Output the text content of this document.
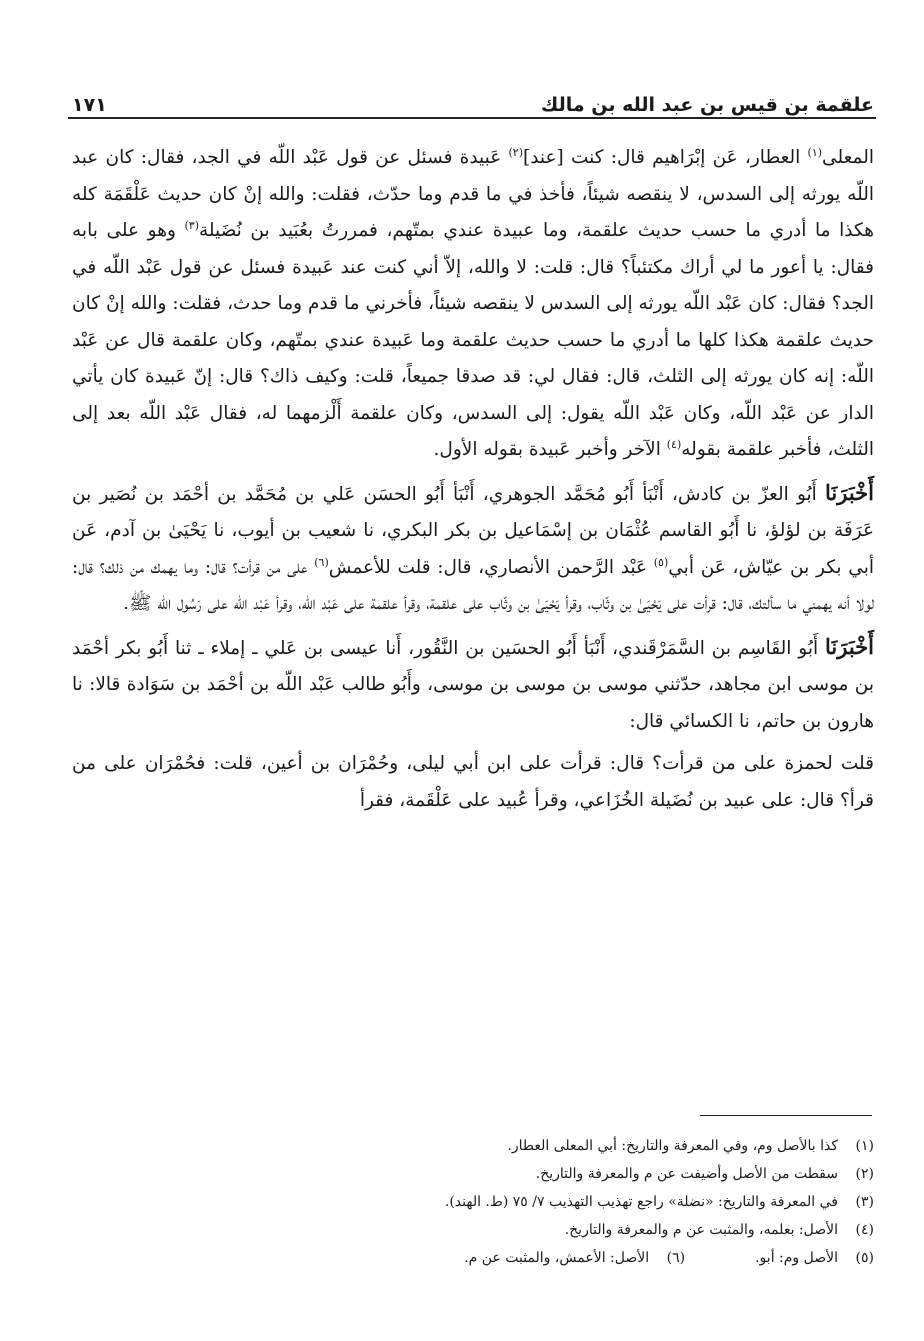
علقمة بن قيس بن عبد الله بن مالك
١٧١

المعلى$^{(١)}$ العطار، عَن إبْرَاهيم قال: كنت [عند]$^{(٢)}$ عَبيدة فسئل عن قول عَبْد اللّه في الجد، فقال: كان عبد اللّه يورثه إلى السدس، لا ينقصه شيئاً، فأخذ في ما قدم وما حدّث، فقلت: والله إنْ كان حديث عَلْقَمَة كله هكذا ما أدري ما حسب حديث علقمة، وما عبيدة عندي بمتّهم، فمررتُ بعُبَيد بن نُضَيلة$^{(٣)}$ وهو على بابه فقال: يا أعور ما لي أراك مكتئباً؟ قال: قلت: لا والله، إلاّ أني كنت عند عَبيدة فسئل عن قول عَبْد اللّه في الجد؟ فقال: كان عَبْد اللّه يورثه إلى السدس لا ينقصه شيئاً، فأخرني ما قدم وما حدث، فقلت: والله إنْ كان حديث علقمة هكذا كلها ما أدري ما حسب حديث علقمة وما عَبيدة عندي بمتّهم، وكان علقمة قال عن عَبْد اللّه: إنه كان يورثه إلى الثلث، قال: فقال لي: قد صدقا جميعاً، قلت: وكيف ذاك؟ قال: إنّ عَبيدة كان يأتي الدار عن عَبْد اللّه، وكان عَبْد اللّه يقول: إلى السدس، وكان علقمة أَلْزمهما له، فقال عَبْد اللّه بعد إلى الثلث، فأخبر علقمة بقوله$^{(٤)}$ الآخر وأخبر عَبيدة بقوله الأول.

أَخْبَرَنَا أَبُو العزّ بن كادش، أَنْبَأ أَبُو مُحَمَّد الجوهري، أَنْبَأ أَبُو الحسَن عَلي بن مُحَمَّد بن أحْمَد بن نُصَير بن عَرَفَة بن لؤلؤ، نا أَبُو القاسم عُثْمَان بن إسْمَاعيل بن بكر البكري، نا شعيب بن أيوب، نا يَحْيَىٰ بن آدم، عَن أبي بكر بن عيّاش، عَن أبي$^{(٥)}$ عَبْد الرَّحمن الأنصاري، قال: قلت للأعمش$^{(٦)}$ على من قرأت؟ قال: وما يهمك من ذلك؟ قال: لولا أنه يهمني ما سألتك، قال: قرأت على يَحْيَىٰ بن وثّاب، وقرأ يَحْيَىٰ بن وثّاب على علقمة، وقرأ علقمة على عَبْد اللّه، وقرأ عَبْد اللّه على رَسُول الله ﷺ.

أَخْبَرَنَا أَبُو القَاسِم بن السَّمَرْقَندي، أَنْبَأ أَبُو الحسَين بن النَّقُور، أَنا عيسى بن عَلي ـ إملاء ـ ثنا أَبُو بكر أحْمَد بن موسى ابن مجاهد، حدّثني موسى بن موسى بن موسى، وأَبُو طالب عَبْد اللّه بن أحْمَد بن سَوَادة قالا: نا هارون بن حاتم، نا الكسائي قال:

قلت لحمزة على من قرأت؟ قال: قرأت على ابن أبي ليلى، وحُمْرَان بن أعين، قلت: فحُمْرَان على من قرأ؟ قال: على عبيد بن نُضَيلة الخُزَاعي، وقرأ عُبيد على عَلْقَمة، فقرأ

(١)
كذا بالأصل وم، وفي المعرفة والتاريخ: أبي المعلى العطار.
(٢)
سقطت من الأصل وأضيفت عن م والمعرفة والتاريخ.
(٣)
في المعرفة والتاريخ: «نضلة» راجع تهذيب التهذيب ٧/ ٧٥ (ط. الهند).
(٤)
الأصل: بعلمه، والمثبت عن م والمعرفة والتاريخ.
(٥)
الأصل وم: أبو.
(٦)
الأصل: الأعمش، والمثبت عن م.
